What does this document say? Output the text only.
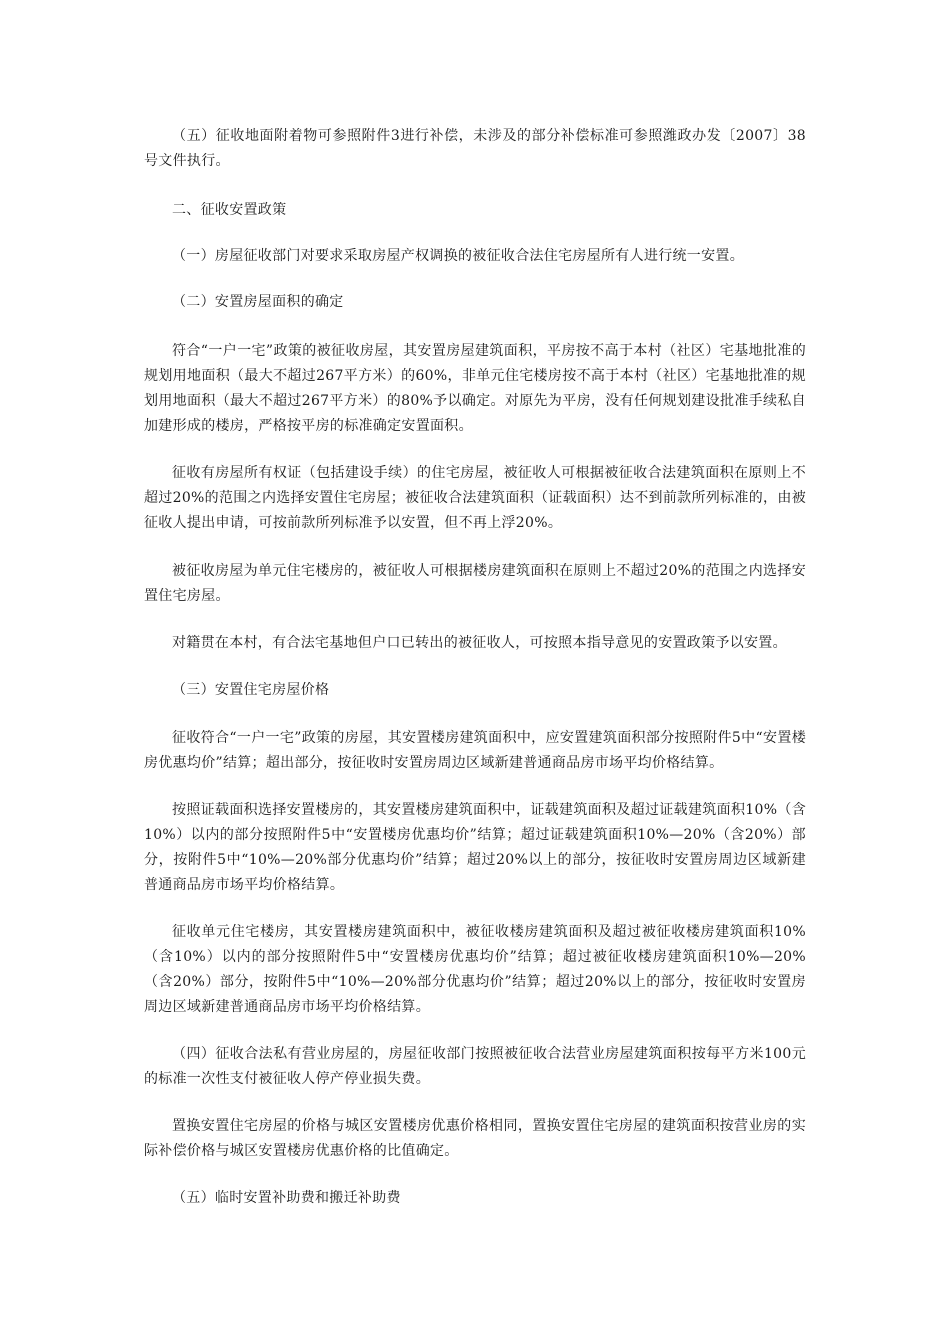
（五）征收地面附着物可参照附件3进行补偿，未涉及的部分补偿标准可参照潍政办发〔2007〕38号文件执行。

二、征收安置政策

（一）房屋征收部门对要求采取房屋产权调换的被征收合法住宅房屋所有人进行统一安置。

（二）安置房屋面积的确定

符合“一户一宅”政策的被征收房屋，其安置房屋建筑面积，平房按不高于本村（社区）宅基地批准的规划用地面积（最大不超过267平方米）的60%，非单元住宅楼房按不高于本村（社区）宅基地批准的规划用地面积（最大不超过267平方米）的80%予以确定。对原先为平房，没有任何规划建设批准手续私自加建形成的楼房，严格按平房的标准确定安置面积。

征收有房屋所有权证（包括建设手续）的住宅房屋，被征收人可根据被征收合法建筑面积在原则上不超过20%的范围之内选择安置住宅房屋；被征收合法建筑面积（证载面积）达不到前款所列标准的，由被征收人提出申请，可按前款所列标准予以安置，但不再上浮20%。

被征收房屋为单元住宅楼房的，被征收人可根据楼房建筑面积在原则上不超过20%的范围之内选择安置住宅房屋。

对籍贯在本村，有合法宅基地但户口已转出的被征收人，可按照本指导意见的安置政策予以安置。

（三）安置住宅房屋价格

征收符合“一户一宅”政策的房屋，其安置楼房建筑面积中，应安置建筑面积部分按照附件5中“安置楼房优惠均价”结算；超出部分，按征收时安置房周边区域新建普通商品房市场平均价格结算。

按照证载面积选择安置楼房的，其安置楼房建筑面积中，证载建筑面积及超过证载建筑面积10%（含10%）以内的部分按照附件5中“安置楼房优惠均价”结算；超过证载建筑面积10%—20%（含20%）部分，按附件5中“10%—20%部分优惠均价”结算；超过20%以上的部分，按征收时安置房周边区域新建普通商品房市场平均价格结算。

征收单元住宅楼房，其安置楼房建筑面积中，被征收楼房建筑面积及超过被征收楼房建筑面积10%（含10%）以内的部分按照附件5中“安置楼房优惠均价”结算；超过被征收楼房建筑面积10%—20%（含20%）部分，按附件5中“10%—20%部分优惠均价”结算；超过20%以上的部分，按征收时安置房周边区域新建普通商品房市场平均价格结算。

（四）征收合法私有营业房屋的，房屋征收部门按照被征收合法营业房屋建筑面积按每平方米100元的标准一次性支付被征收人停产停业损失费。

置换安置住宅房屋的价格与城区安置楼房优惠价格相同，置换安置住宅房屋的建筑面积按营业房的实际补偿价格与城区安置楼房优惠价格的比值确定。

（五）临时安置补助费和搬迁补助费
